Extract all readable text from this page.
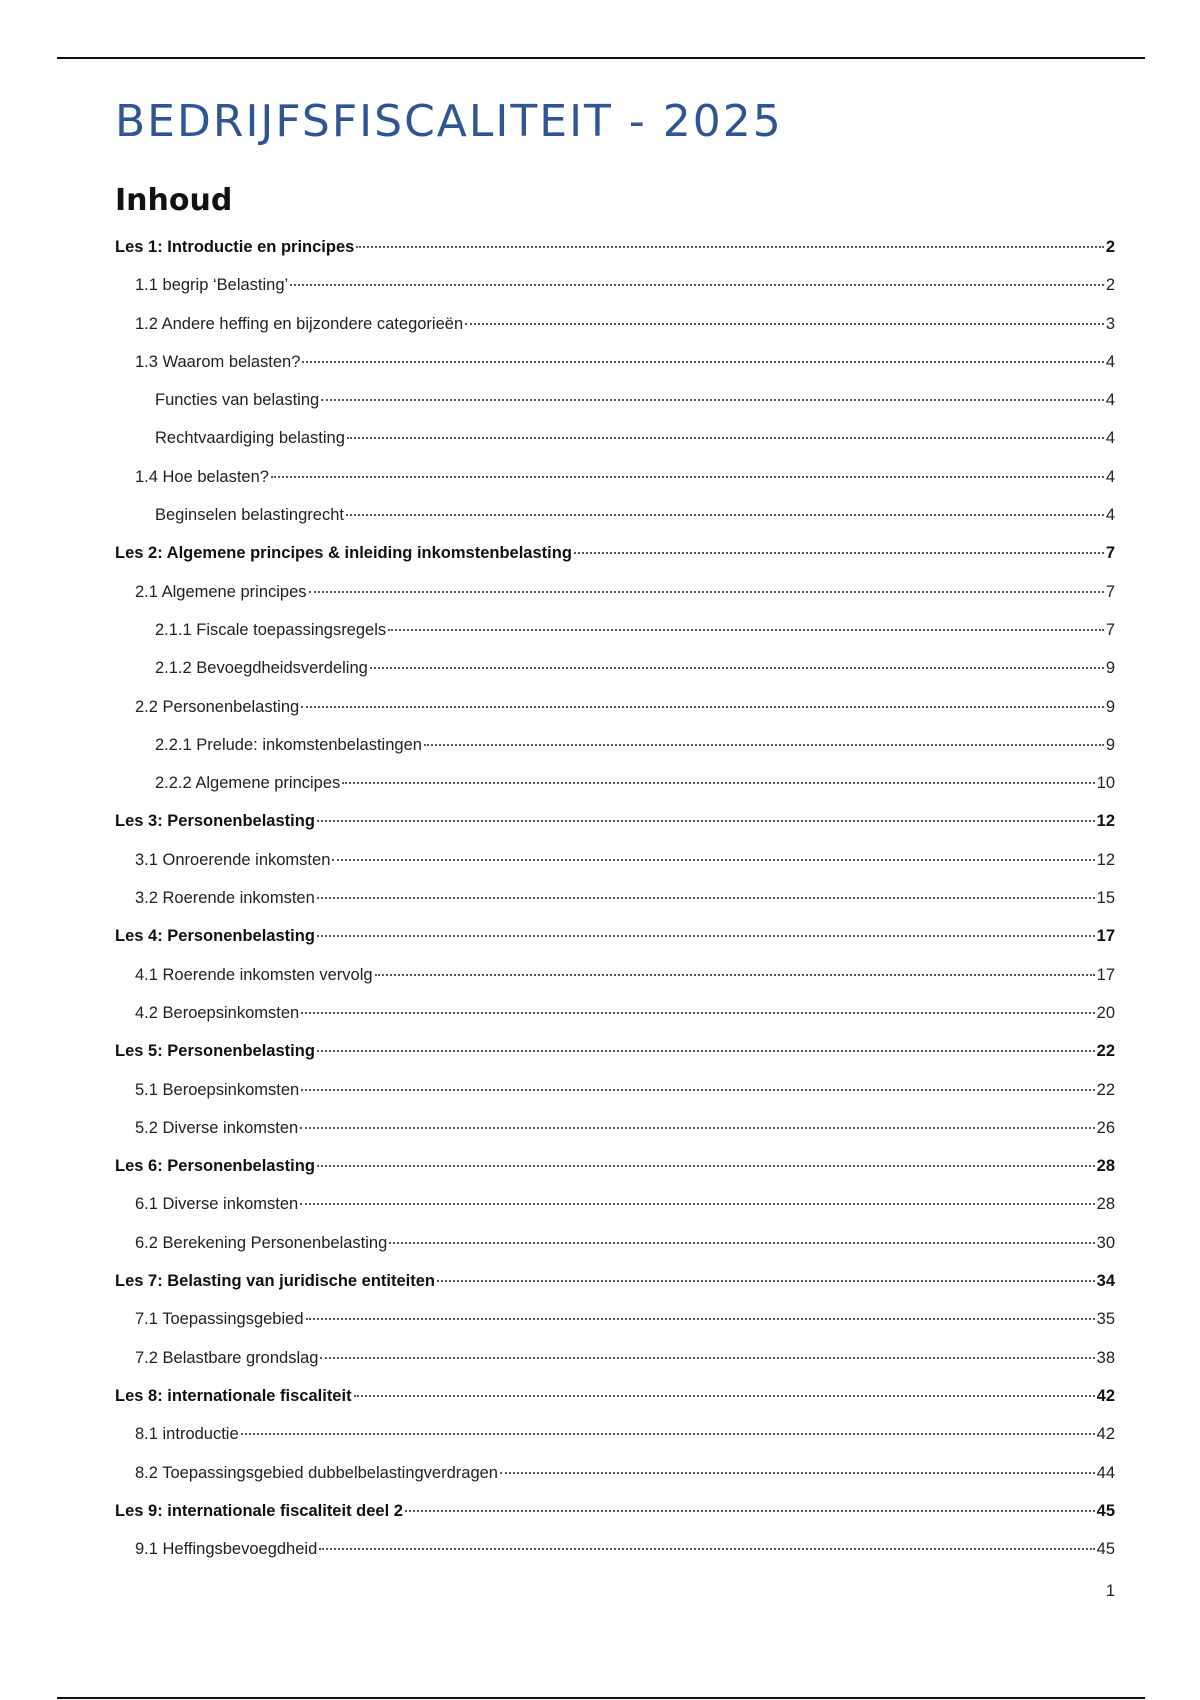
BEDRIJFSFISCALITEIT - 2025
Inhoud
Les 1: Introductie en principes	2
1.1 begrip ‘Belasting’	2
1.2 Andere heffing en bijzondere categorieën	3
1.3 Waarom belasten?	4
Functies van belasting	4
Rechtvaardiging belasting	4
1.4 Hoe belasten?	4
Beginselen belastingrecht	4
Les 2: Algemene principes & inleiding inkomstenbelasting	7
2.1 Algemene principes	7
2.1.1 Fiscale toepassingsregels	7
2.1.2 Bevoegdheidsverdeling	9
2.2 Personenbelasting	9
2.2.1 Prelude: inkomstenbelastingen	9
2.2.2 Algemene principes	10
Les 3: Personenbelasting	12
3.1 Onroerende inkomsten	12
3.2 Roerende inkomsten	15
Les 4: Personenbelasting	17
4.1 Roerende inkomsten vervolg	17
4.2 Beroepsinkomsten	20
Les 5: Personenbelasting	22
5.1 Beroepsinkomsten	22
5.2 Diverse inkomsten	26
Les 6: Personenbelasting	28
6.1 Diverse inkomsten	28
6.2 Berekening Personenbelasting	30
Les 7: Belasting van juridische entiteiten	34
7.1 Toepassingsgebied	35
7.2 Belastbare grondslag	38
Les 8: internationale fiscaliteit	42
8.1 introductie	42
8.2 Toepassingsgebied dubbelbelastingverdragen	44
Les 9: internationale fiscaliteit deel 2	45
9.1 Heffingsbevoegdheid	45
1
